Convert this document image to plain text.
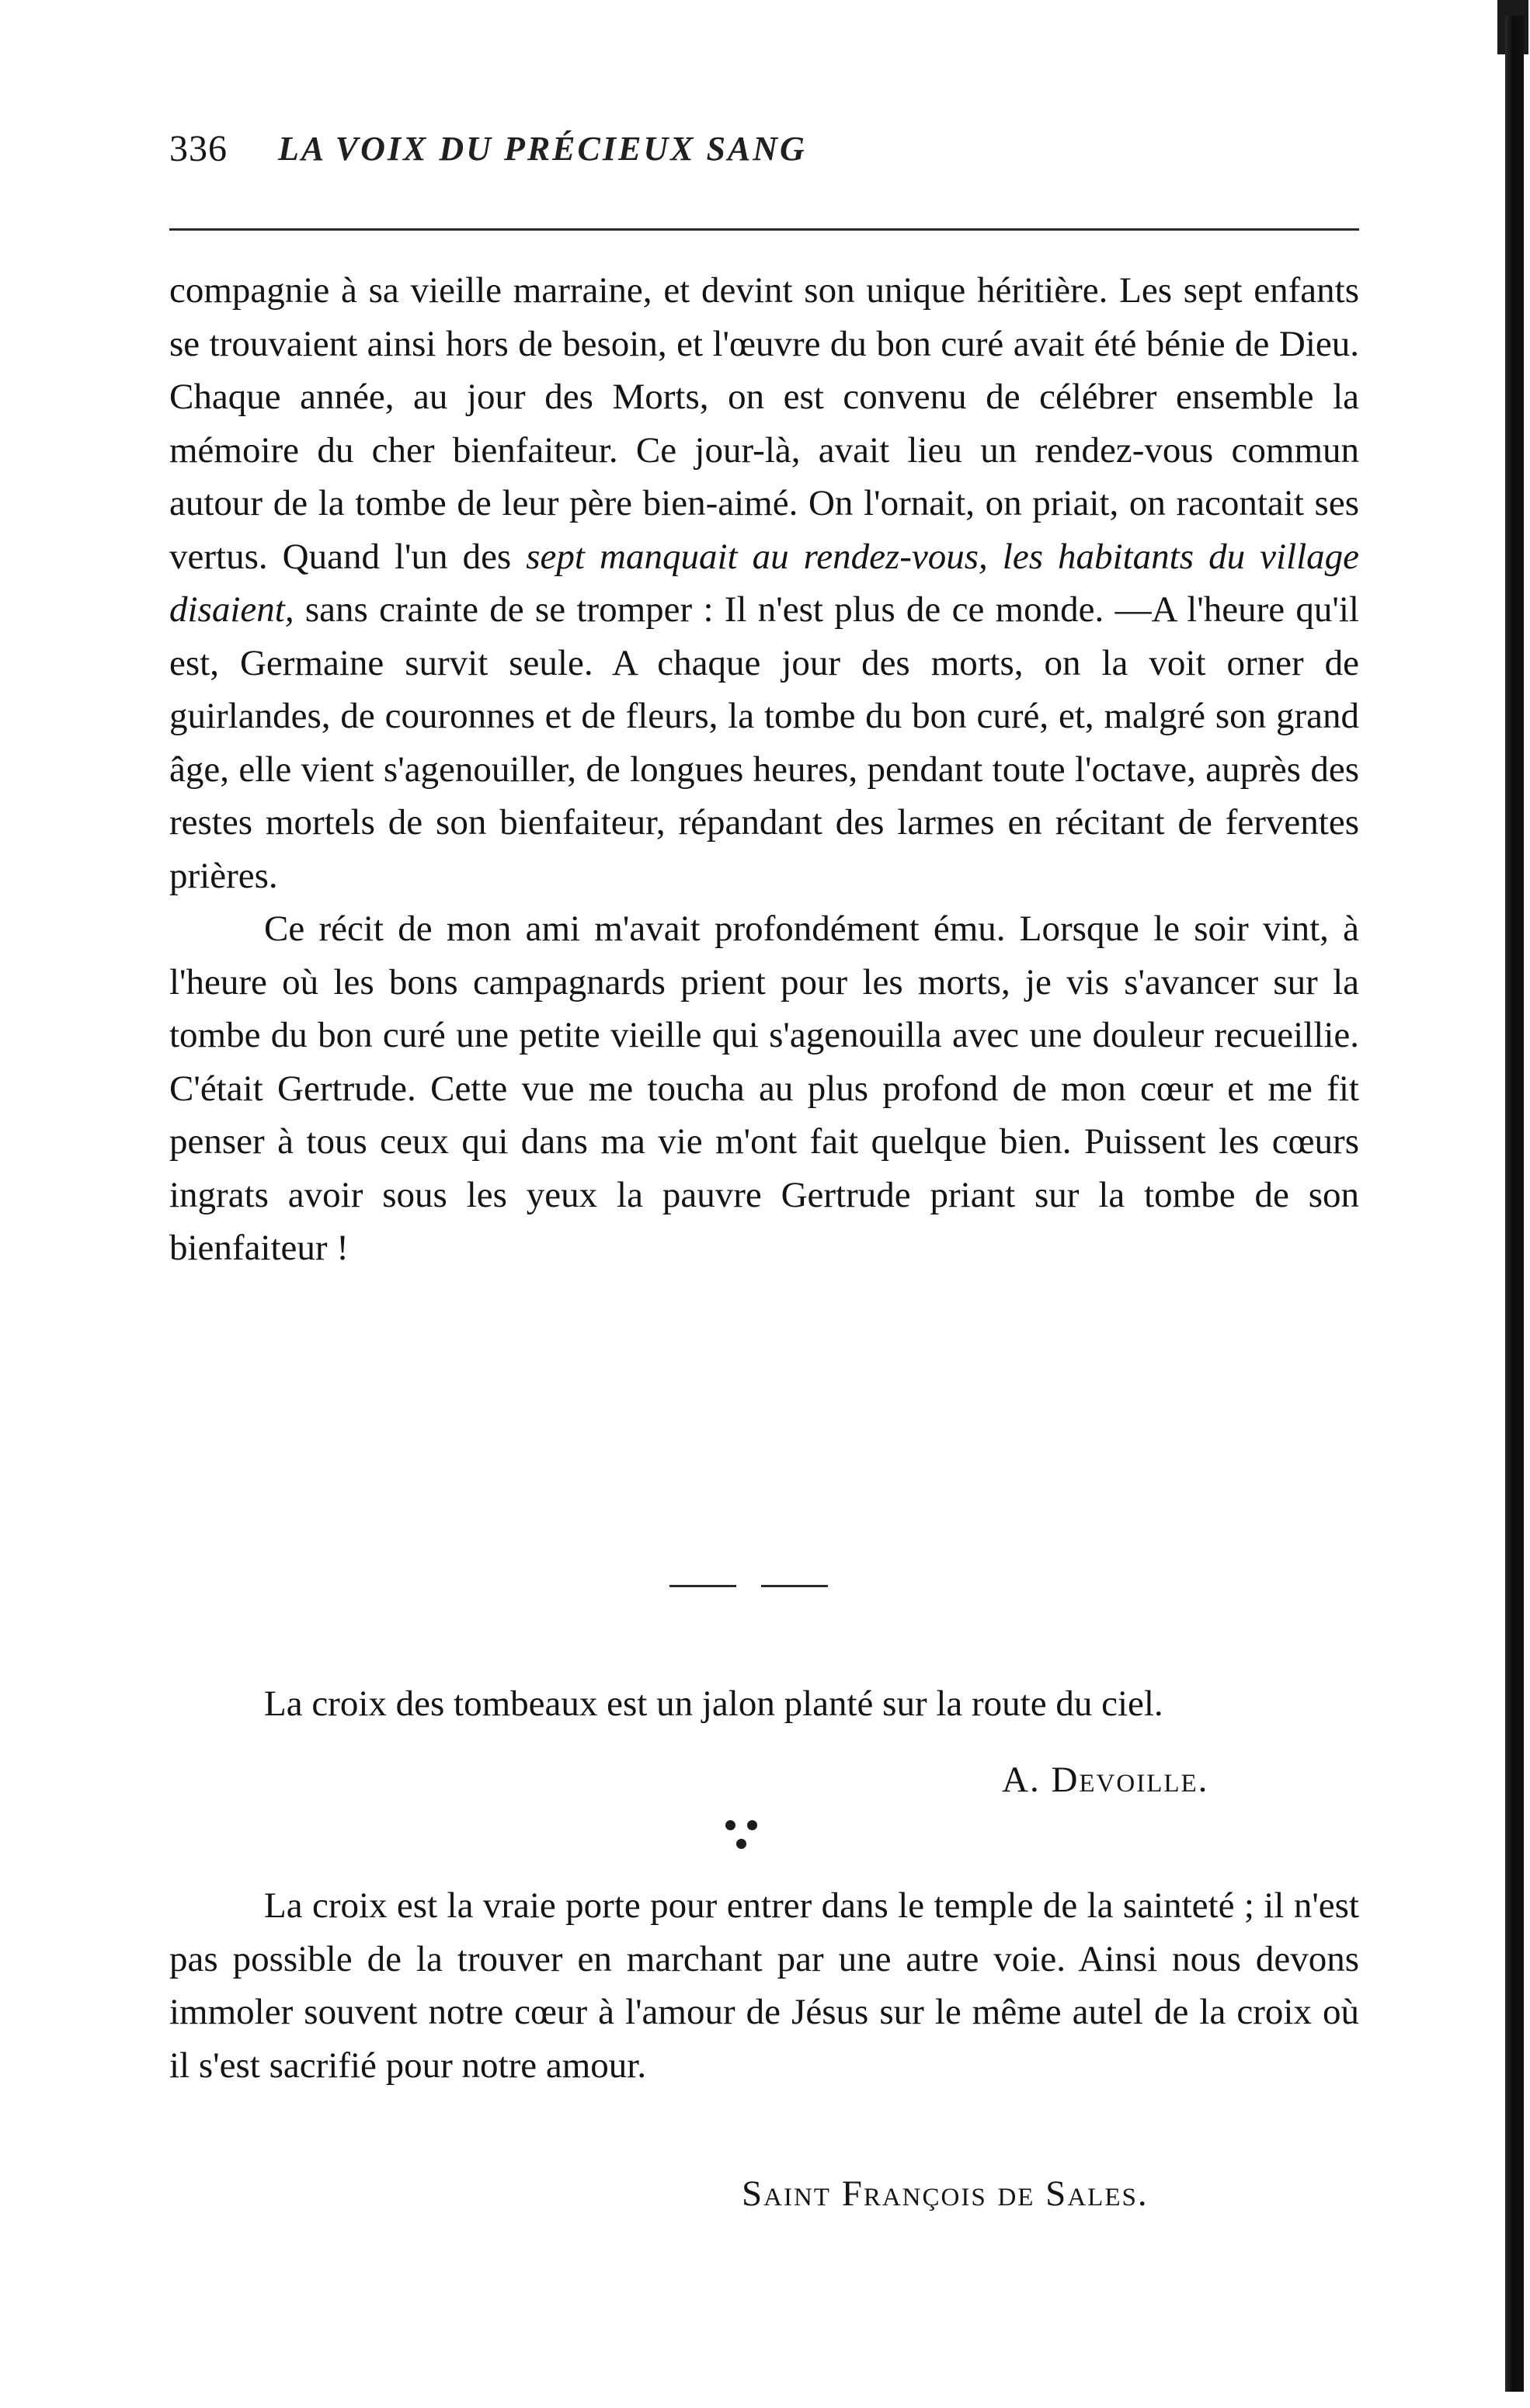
336 LA VOIX DU PRÉCIEUX SANG

compagnie à sa vieille marraine, et devint son unique héritière. Les sept enfants se trouvaient ainsi hors de besoin, et l'œuvre du bon curé avait été bénie de Dieu. Chaque année, au jour des Morts, on est convenu de célébrer ensemble la mémoire du cher bienfaiteur. Ce jour-là, avait lieu un rendez-vous commun autour de la tombe de leur père bien-aimé. On l'ornait, on priait, on racontait ses vertus. Quand l'un des sept manquait au rendez-vous, les habitants du village disaient, sans crainte de se tromper : Il n'est plus de ce monde. —A l'heure qu'il est, Germaine survit seule. A chaque jour des morts, on la voit orner de guirlandes, de couronnes et de fleurs, la tombe du bon curé, et, malgré son grand âge, elle vient s'agenouiller, de longues heures, pendant toute l'octave, auprès des restes mortels de son bienfaiteur, répandant des larmes en récitant de ferventes prières.

Ce récit de mon ami m'avait profondément ému. Lorsque le soir vint, à l'heure où les bons campagnards prient pour les morts, je vis s'avancer sur la tombe du bon curé une petite vieille qui s'agenouilla avec une douleur recueillie. C'était Gertrude. Cette vue me toucha au plus profond de mon cœur et me fit penser à tous ceux qui dans ma vie m'ont fait quelque bien. Puissent les cœurs ingrats avoir sous les yeux la pauvre Gertrude priant sur la tombe de son bienfaiteur !

La croix des tombeaux est un jalon planté sur la route du ciel.

A. Devoille.

La croix est la vraie porte pour entrer dans le temple de la sainteté ; il n'est pas possible de la trouver en marchant par une autre voie. Ainsi nous devons immoler souvent notre cœur à l'amour de Jésus sur le même autel de la croix où il s'est sacrifié pour notre amour.

Saint François de Sales.
